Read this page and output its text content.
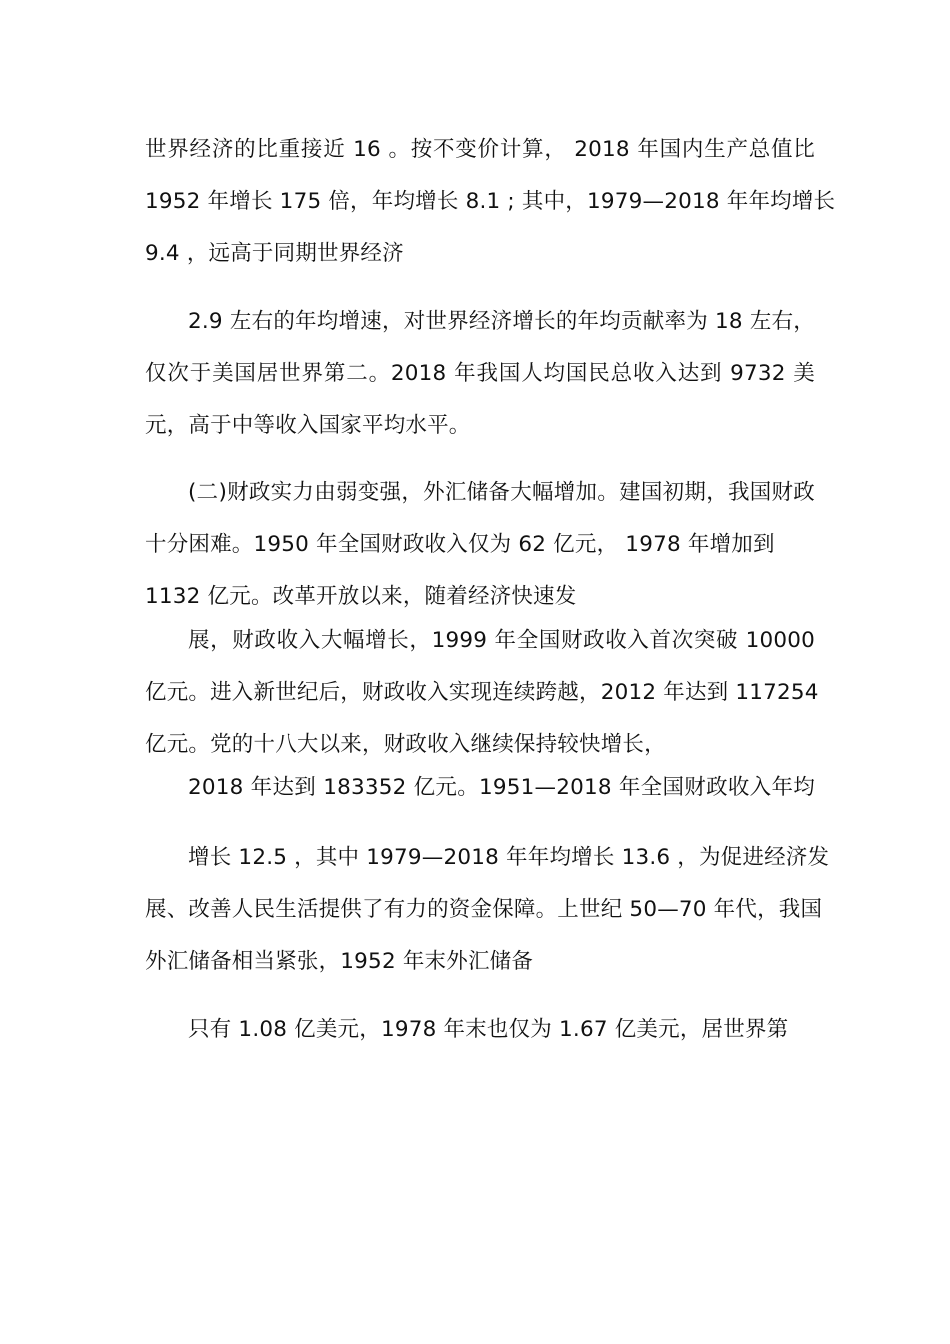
世界经济的比重接近 16 。按不变价计算， 2018 年国内生产总值比
1952 年增长 175 倍，年均增长 8.1 ; 其中，1979—2018 年年均增长
9.4 ，远高于同期世界经济

2.9 左右的年均增速，对世界经济增长的年均贡献率为 18 左右，
仅次于美国居世界第二。2018 年我国人均国民总收入达到 9732 美
元，高于中等收入国家平均水平。

(二)财政实力由弱变强，外汇储备大幅增加。建国初期，我国财政
十分困难。1950 年全国财政收入仅为 62 亿元， 1978 年增加到
1132 亿元。改革开放以来，随着经济快速发

展，财政收入大幅增长，1999 年全国财政收入首次突破 10000
亿元。进入新世纪后，财政收入实现连续跨越，2012 年达到 117254
亿元。党的十八大以来，财政收入继续保持较快增长，

2018 年达到 183352 亿元。1951—2018 年全国财政收入年均

增长 12.5 ，其中 1979—2018 年年均增长 13.6 ，为促进经济发
展、改善人民生活提供了有力的资金保障。上世纪 50—70 年代，我国
外汇储备相当紧张，1952 年末外汇储备

只有 1.08 亿美元，1978 年末也仅为 1.67 亿美元，居世界第
